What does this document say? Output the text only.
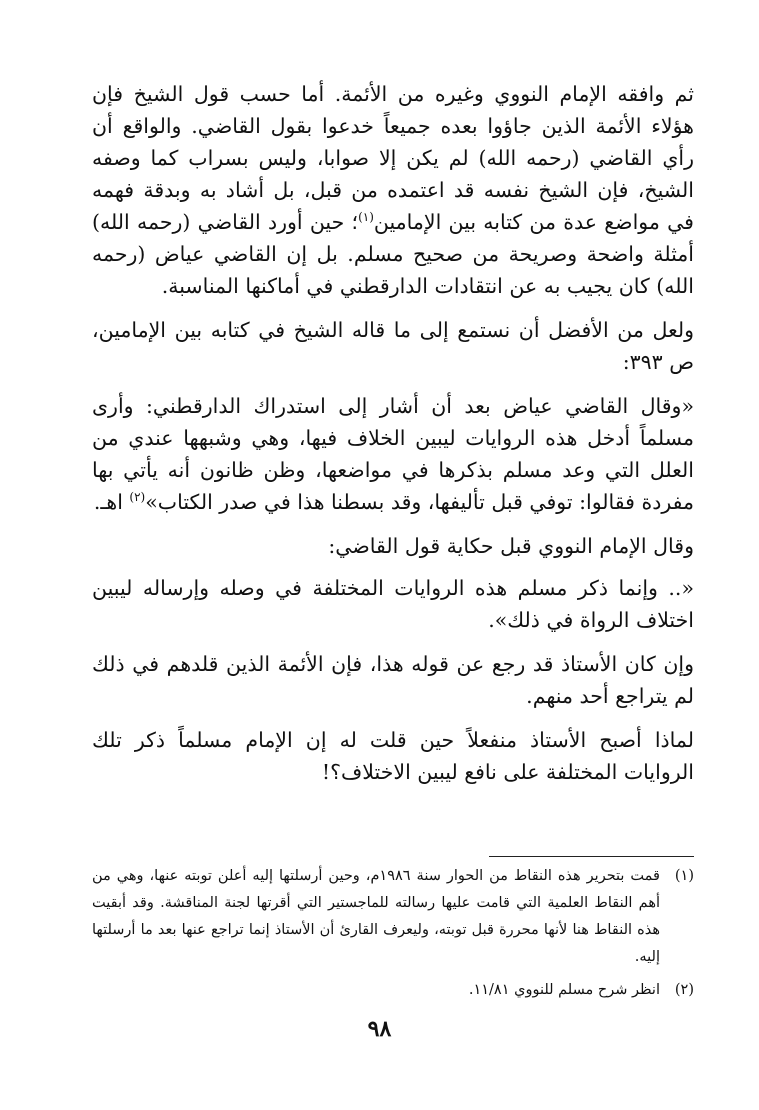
ثم وافقه الإمام النووي وغيره من الأئمة. أما حسب قول الشيخ فإن هؤلاء الأئمة الذين جاؤوا بعده جميعاً خدعوا بقول القاضي. والواقع أن رأي القاضي (رحمه الله) لم يكن إلا صوابا، وليس بسراب كما وصفه الشيخ، فإن الشيخ نفسه قد اعتمده من قبل، بل أشاد به وبدقة فهمه في مواضع عدة من كتابه بين الإمامين$^{(١)}$؛ حين أورد القاضي (رحمه الله) أمثلة واضحة وصريحة من صحيح مسلم. بل إن القاضي عياض (رحمه الله) كان يجيب به عن انتقادات الدارقطني في أماكنها المناسبة.

ولعل من الأفضل أن نستمع إلى ما قاله الشيخ في كتابه بين الإمامين، ص ٣٩٣:

«وقال القاضي عياض بعد أن أشار إلى استدراك الدارقطني: وأرى مسلماً أدخل هذه الروايات ليبين الخلاف فيها، وهي وشبهها عندي من العلل التي وعد مسلم بذكرها في مواضعها، وظن ظانون أنه يأتي بها مفردة فقالوا: توفي قبل تأليفها، وقد بسطنا هذا في صدر الكتاب»$^{(٢)}$ اهـ.

وقال الإمام النووي قبل حكاية قول القاضي:

«.. وإنما ذكر مسلم هذه الروايات المختلفة في وصله وإرساله ليبين اختلاف الرواة في ذلك».

وإن كان الأستاذ قد رجع عن قوله هذا، فإن الأئمة الذين قلدهم في ذلك لم يتراجع أحد منهم.

لماذا أصبح الأستاذ منفعلاً حين قلت له إن الإمام مسلماً ذكر تلك الروايات المختلفة على نافع ليبين الاختلاف؟!

(١)
قمت بتحرير هذه النقاط من الحوار سنة ١٩٨٦م، وحين أرسلتها إليه أعلن توبته عنها، وهي من أهم النقاط العلمية التي قامت عليها رسالته للماجستير التي أقرتها لجنة المناقشة. وقد أبقيت هذه النقاط هنا لأنها محررة قبل توبته، وليعرف القارئ أن الأستاذ إنما تراجع عنها بعد ما أرسلتها إليه.
(٢)
انظر شرح مسلم للنووي ١١/٨١.
٩٨
